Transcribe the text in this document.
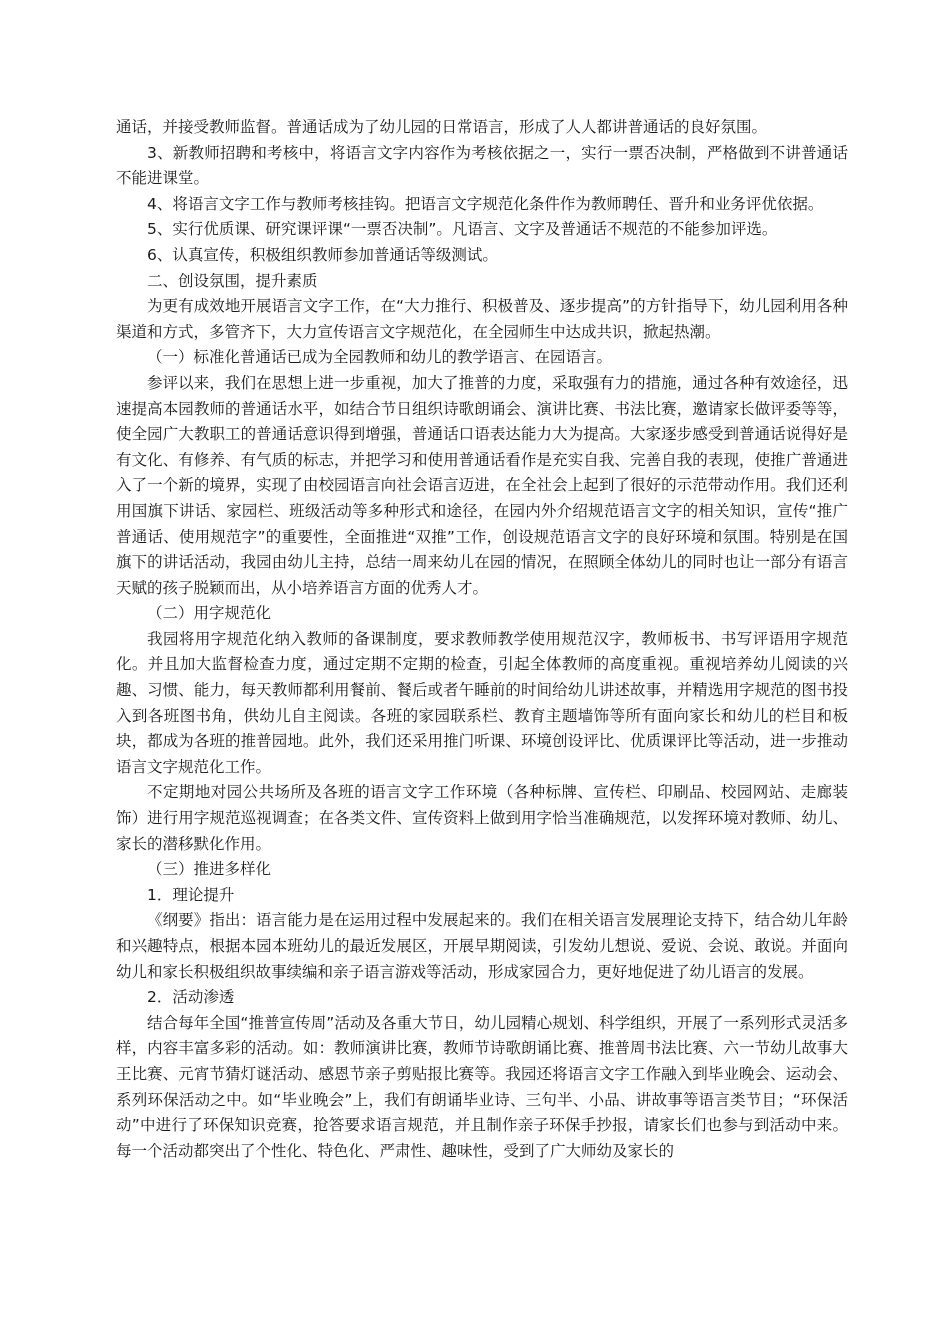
通话，并接受教师监督。普通话成为了幼儿园的日常语言，形成了人人都讲普通话的良好氛围。

3、新教师招聘和考核中，将语言文字内容作为考核依据之一，实行一票否决制，严格做到不讲普通话不能进课堂。

4、将语言文字工作与教师考核挂钩。把语言文字规范化条件作为教师聘任、晋升和业务评优依据。

5、实行优质课、研究课评课“一票否决制”。凡语言、文字及普通话不规范的不能参加评选。

6、认真宣传，积极组织教师参加普通话等级测试。

二、创设氛围，提升素质

为更有成效地开展语言文字工作，在“大力推行、积极普及、逐步提高”的方针指导下，幼儿园利用各种渠道和方式，多管齐下，大力宣传语言文字规范化，在全园师生中达成共识，掀起热潮。

（一）标准化普通话已成为全园教师和幼儿的教学语言、在园语言。

参评以来，我们在思想上进一步重视，加大了推普的力度，采取强有力的措施，通过各种有效途径，迅速提高本园教师的普通话水平，如结合节日组织诗歌朗诵会、演讲比赛、书法比赛，邀请家长做评委等等，使全园广大教职工的普通话意识得到增强，普通话口语表达能力大为提高。大家逐步感受到普通话说得好是有文化、有修养、有气质的标志，并把学习和使用普通话看作是充实自我、完善自我的表现，使推广普通进入了一个新的境界，实现了由校园语言向社会语言迈进，在全社会上起到了很好的示范带动作用。我们还利用国旗下讲话、家园栏、班级活动等多种形式和途径，在园内外介绍规范语言文字的相关知识，宣传“推广普通话、使用规范字”的重要性，全面推进“双推”工作，创设规范语言文字的良好环境和氛围。特别是在国旗下的讲话活动，我园由幼儿主持，总结一周来幼儿在园的情况，在照顾全体幼儿的同时也让一部分有语言天赋的孩子脱颖而出，从小培养语言方面的优秀人才。

（二）用字规范化

我园将用字规范化纳入教师的备课制度，要求教师教学使用规范汉字，教师板书、书写评语用字规范化。并且加大监督检查力度，通过定期不定期的检查，引起全体教师的高度重视。重视培养幼儿阅读的兴趣、习惯、能力，每天教师都利用餐前、餐后或者午睡前的时间给幼儿讲述故事，并精选用字规范的图书投入到各班图书角，供幼儿自主阅读。各班的家园联系栏、教育主题墙饰等所有面向家长和幼儿的栏目和板块，都成为各班的推普园地。此外，我们还采用推门听课、环境创设评比、优质课评比等活动，进一步推动语言文字规范化工作。

不定期地对园公共场所及各班的语言文字工作环境（各种标牌、宣传栏、印刷品、校园网站、走廊装饰）进行用字规范巡视调查；在各类文件、宣传资料上做到用字恰当准确规范，以发挥环境对教师、幼儿、家长的潜移默化作用。

（三）推进多样化

1．理论提升

《纲要》指出：语言能力是在运用过程中发展起来的。我们在相关语言发展理论支持下，结合幼儿年龄和兴趣特点，根据本园本班幼儿的最近发展区，开展早期阅读，引发幼儿想说、爱说、会说、敢说。并面向幼儿和家长积极组织故事续编和亲子语言游戏等活动，形成家园合力，更好地促进了幼儿语言的发展。

2．活动渗透

结合每年全国“推普宣传周”活动及各重大节日，幼儿园精心规划、科学组织，开展了一系列形式灵活多样，内容丰富多彩的活动。如：教师演讲比赛，教师节诗歌朗诵比赛、推普周书法比赛、六一节幼儿故事大王比赛、元宵节猜灯谜活动、感恩节亲子剪贴报比赛等。我园还将语言文字工作融入到毕业晚会、运动会、系列环保活动之中。如“毕业晚会”上，我们有朗诵毕业诗、三句半、小品、讲故事等语言类节目；“环保活动”中进行了环保知识竞赛，抢答要求语言规范，并且制作亲子环保手抄报，请家长们也参与到活动中来。每一个活动都突出了个性化、特色化、严肃性、趣味性，受到了广大师幼及家长的
